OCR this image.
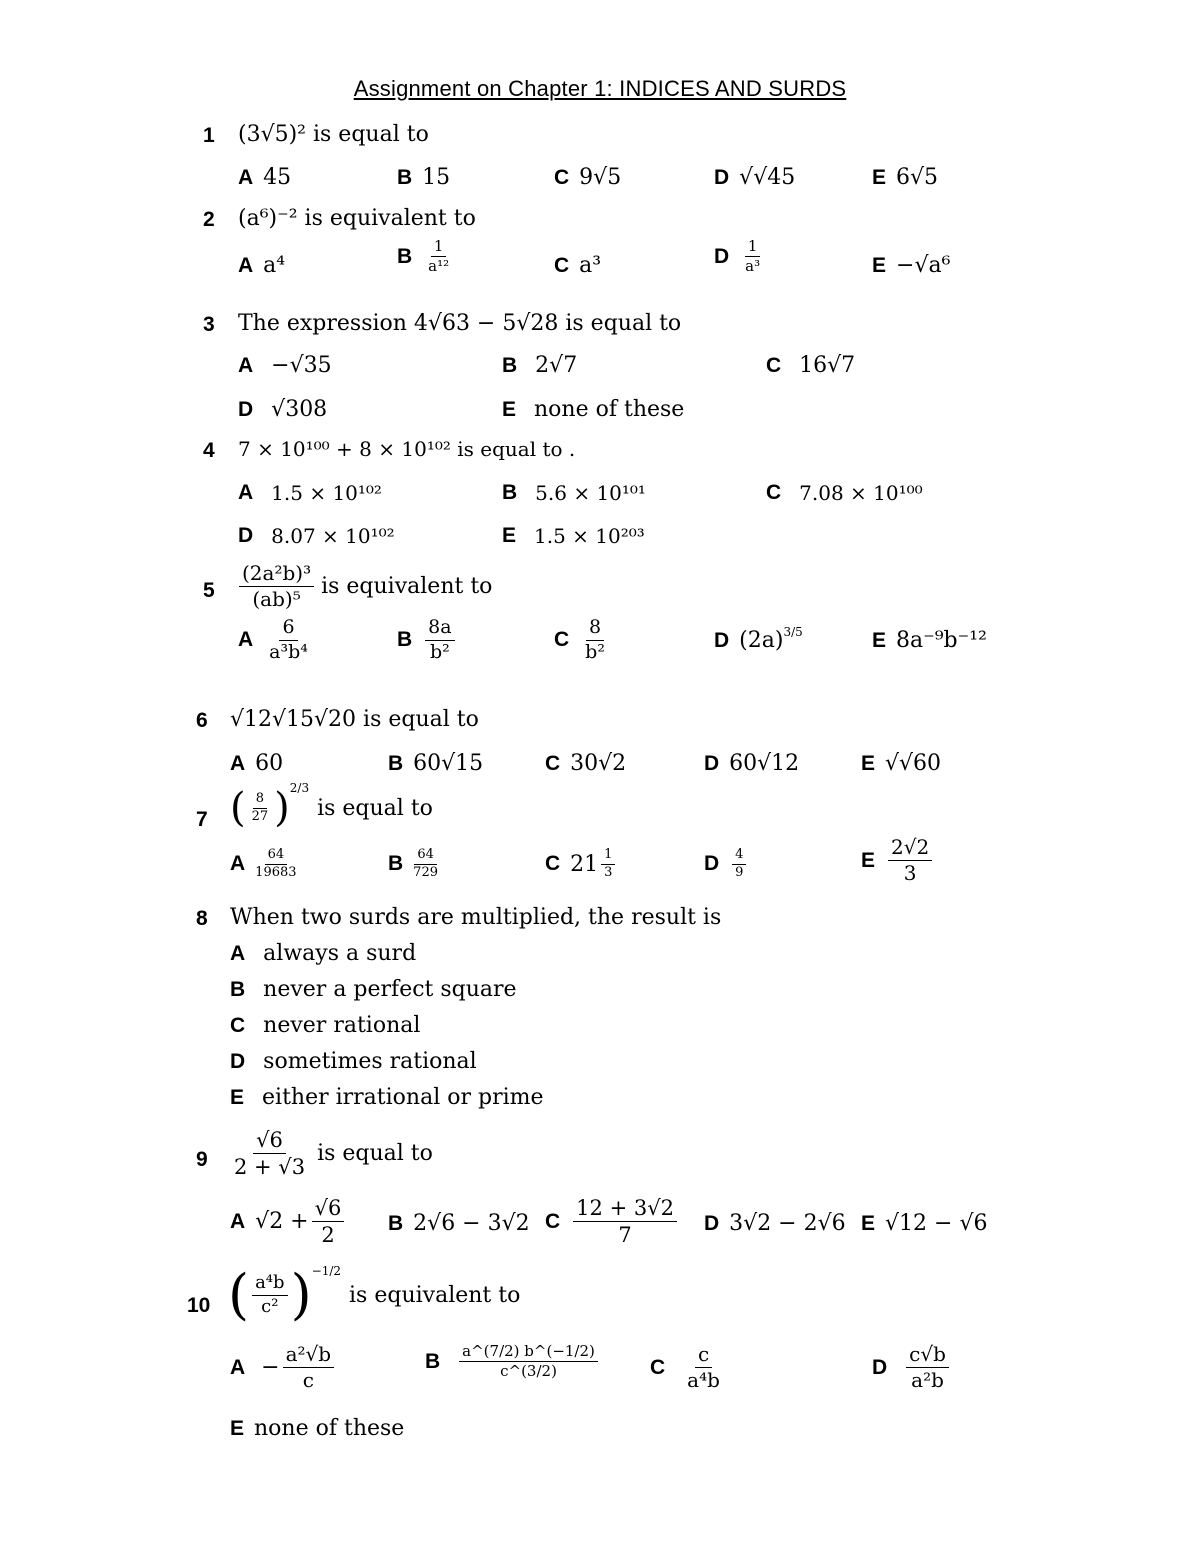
Assignment on Chapter 1: INDICES AND SURDS
1 (3√5)² is equal to
A 45	B 15	C 9√5	D √√45	E 6√5
2 (a⁶)⁻² is equivalent to
A a⁴	B $\frac{1}{\text{a¹²}}$	C a³	D $\frac{1}{\text{a³}}$	E −√a⁶
3 The expression 4√63 − 5√28 is equal to
A −√35	B 2√7	C 16√7
D √308	E none of these
4 7 × 10¹⁰⁰ + 8 × 10¹⁰² is equal to .
A 1.5 × 10¹⁰²	B 5.6 × 10¹⁰¹	C 7.08 × 10¹⁰⁰
D 8.07 × 10¹⁰²	E 1.5 × 10²⁰³
$5 \frac{\text{(2a²b)³}}{\text{(ab)⁵}}$ is equivalent to
A $\frac{6}{\text{a³b⁴}}$	B $\frac{8a}{\text{b²}}$	C $\frac{8}{\text{b²}}$	D $(2a)^{3/5}$	E 8a⁻⁹b⁻¹²
6 √12√15√20 is equal to
A 60	B 60√15	C 30√2	D 60√12	E √√60
7 ( $\frac{8}{27}$ ) 2/3
is equal to
A $\frac{64}{19683}$	B $\frac{64}{729}$	C $21 \frac{1}{3}$	D $\frac{4}{9}$	E $\frac{2√2}{3}$
8 When two surds are multiplied, the result is
A always a surd
B never a perfect square
C never rational
D sometimes rational
E either irrational or prime
$9 \frac{√6}{2 + √3}$ is equal to
A $√2 + \frac{√6}{2}$ B 2√6 − 3√2 C $\frac{12 + 3√2}{7}$ D 3√2 − 2√6 E √12 − √6
10 ( $\frac{\text{a⁴b}}{\text{c²}}$ ) −1/2
is equivalent to
$A - \frac{\text{a²√b}}{c}$	B $\frac{a\^{}(7/2) b\^{}(-1/2)}{c\^{}(3/2)}$ C $\frac{c}{\text{a⁴b}}$	D $\frac{c√b}{\text{a²b}}$
E none of these
